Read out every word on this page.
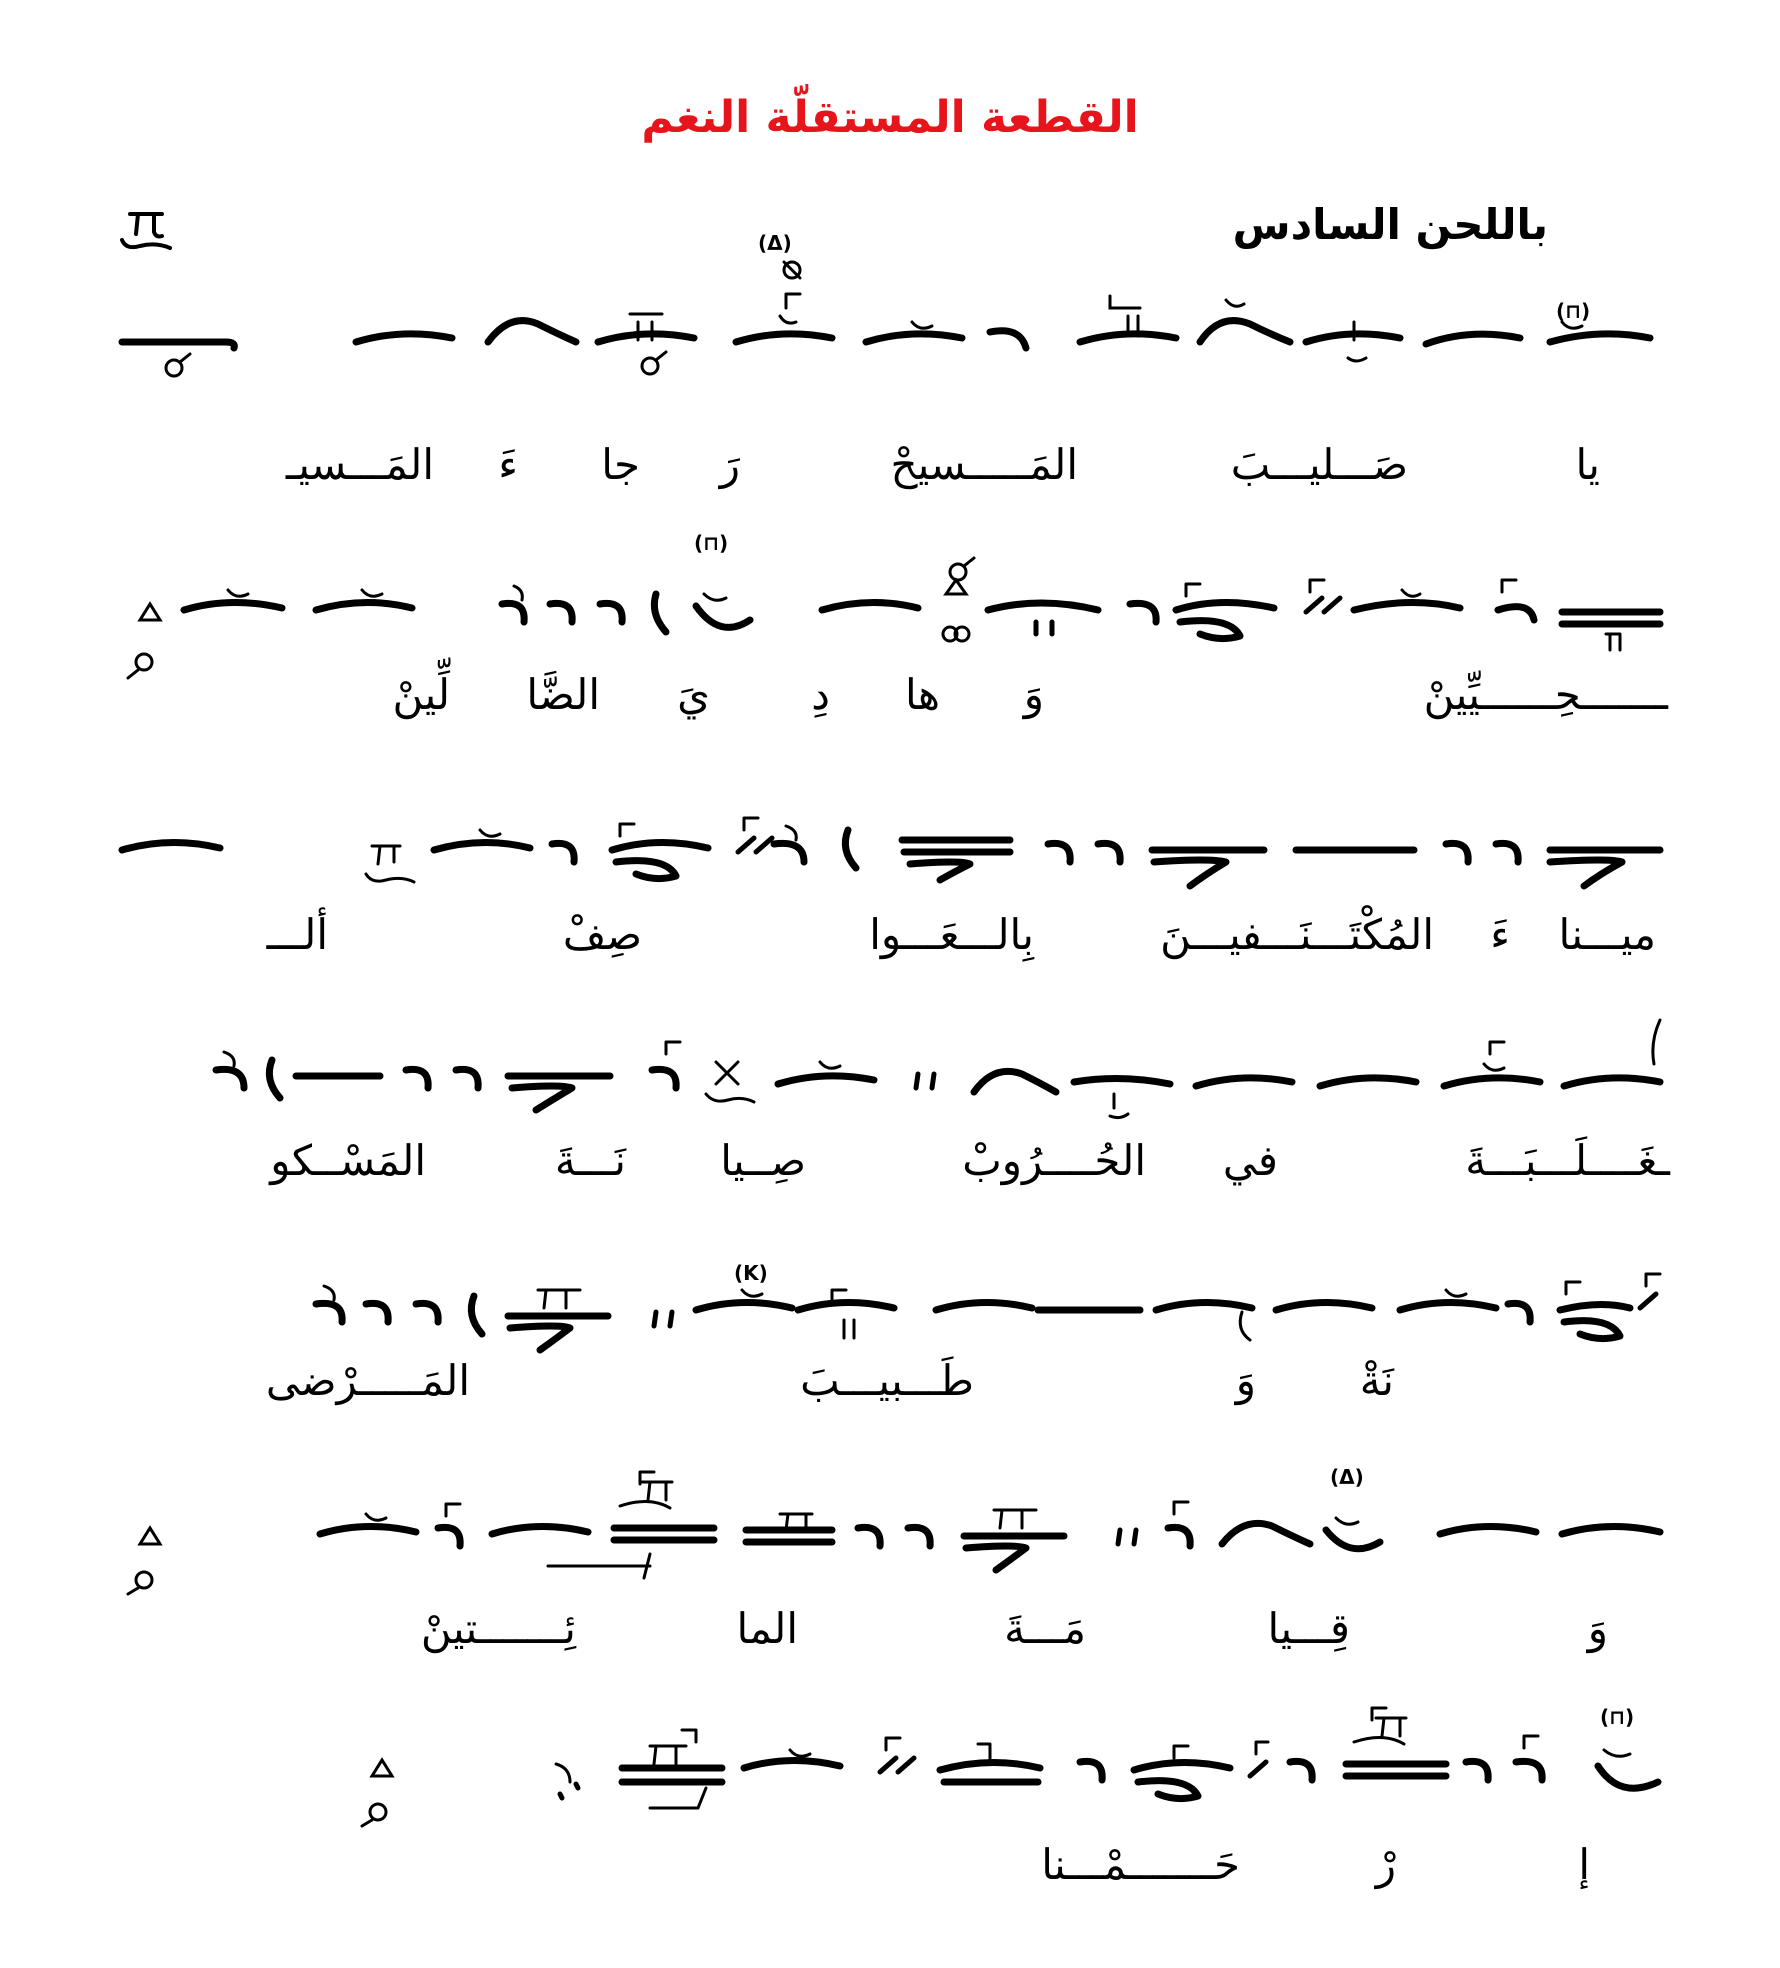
القطعة المستقلّة النغم
باللحن السادس
(⊓)
(Δ)
يا
صَـــليـــبَ
المَـــــسيحْ
رَ
جا
ءَ
المَـــسيـ
(⊓)
ـــــــحِــــــيِّينْ
وَ
ها
دِ
يَ
الضَّا
لِّينْ
ميـــنا
ءَ
المُكْتَـــنَـــفيـــنَ
بِالـــعَـــوا
صِفْ
ألـــ
ـغَــــلَـــبَـــةَ
في
الحُــــرُوبْ
صِــيا
نَـــةَ
المَسْــكو
(K)
نَةْ
وَ
طَـــبيـــبَ
المَـــــرْضى
(Δ)
وَ
قِـــيا
مَـــةَ
الما
ئِـــــــتينْ
(⊓)
إ
رْ
حَـــــــمْـــنا
